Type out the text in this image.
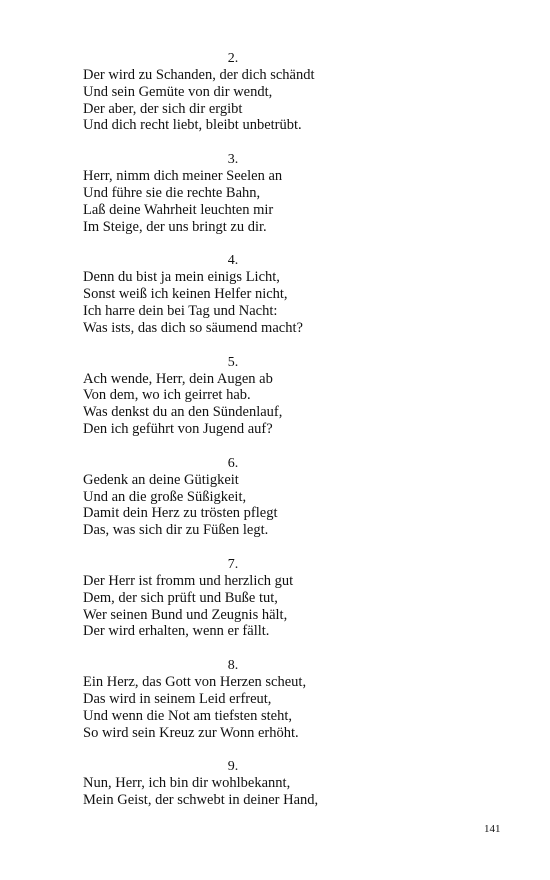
2.
Der wird zu Schanden, der dich schändt
Und sein Gemüte von dir wendt,
Der aber, der sich dir ergibt
Und dich recht liebt, bleibt unbetrübt.
3.
Herr, nimm dich meiner Seelen an
Und führe sie die rechte Bahn,
Laß deine Wahrheit leuchten mir
Im Steige, der uns bringt zu dir.
4.
Denn du bist ja mein einigs Licht,
Sonst weiß ich keinen Helfer nicht,
Ich harre dein bei Tag und Nacht:
Was ists, das dich so säumend macht?
5.
Ach wende, Herr, dein Augen ab
Von dem, wo ich geirret hab.
Was denkst du an den Sündenlauf,
Den ich geführt von Jugend auf?
6.
Gedenk an deine Gütigkeit
Und an die große Süßigkeit,
Damit dein Herz zu trösten pflegt
Das, was sich dir zu Füßen legt.
7.
Der Herr ist fromm und herzlich gut
Dem, der sich prüft und Buße tut,
Wer seinen Bund und Zeugnis hält,
Der wird erhalten, wenn er fällt.
8.
Ein Herz, das Gott von Herzen scheut,
Das wird in seinem Leid erfreut,
Und wenn die Not am tiefsten steht,
So wird sein Kreuz zur Wonn erhöht.
9.
Nun, Herr, ich bin dir wohlbekannt,
Mein Geist, der schwebt in deiner Hand,
141
